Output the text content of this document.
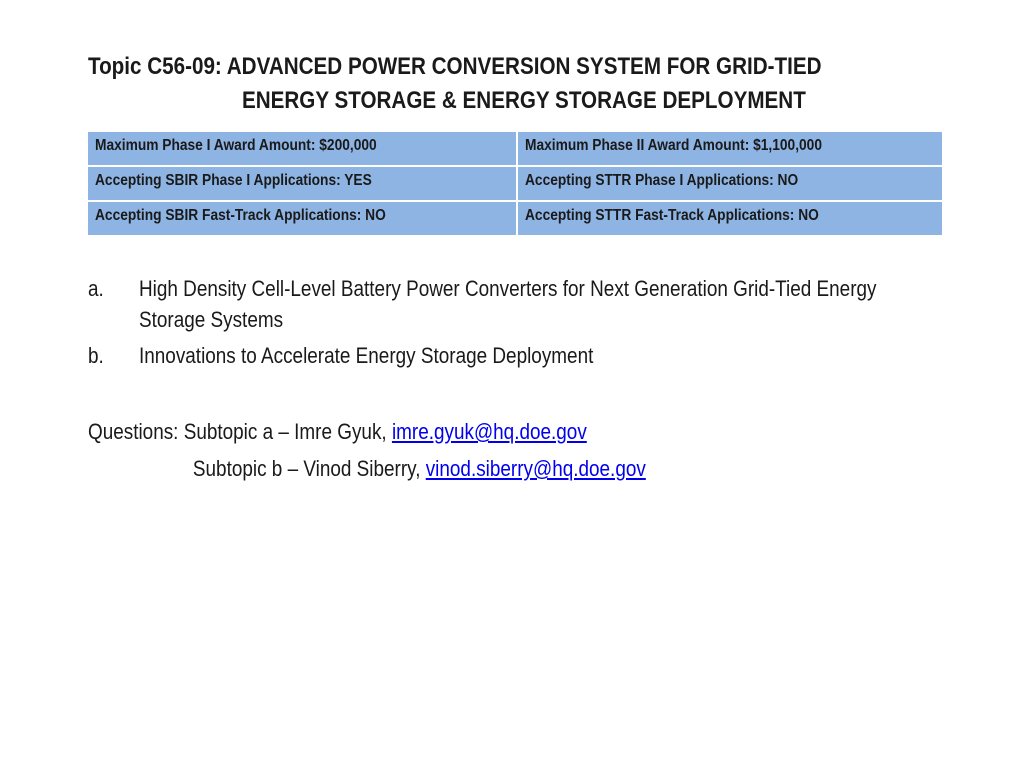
Topic C56-09: ADVANCED POWER CONVERSION SYSTEM FOR GRID-TIED
ENERGY STORAGE & ENERGY STORAGE DEPLOYMENT
Maximum Phase I Award Amount: $200,000	Maximum Phase II Award Amount: $1,100,000
Accepting SBIR Phase I Applications: YES	Accepting STTR Phase I Applications: NO
Accepting SBIR Fast-Track Applications: NO	Accepting STTR Fast-Track Applications: NO
a. High Density Cell-Level Battery Power Converters for Next Generation Grid-Tied Energy Storage Systems
b. Innovations to Accelerate Energy Storage Deployment
Questions: Subtopic a – Imre Gyuk, imre.gyuk@hq.doe.gov
Subtopic b – Vinod Siberry, vinod.siberry@hq.doe.gov
